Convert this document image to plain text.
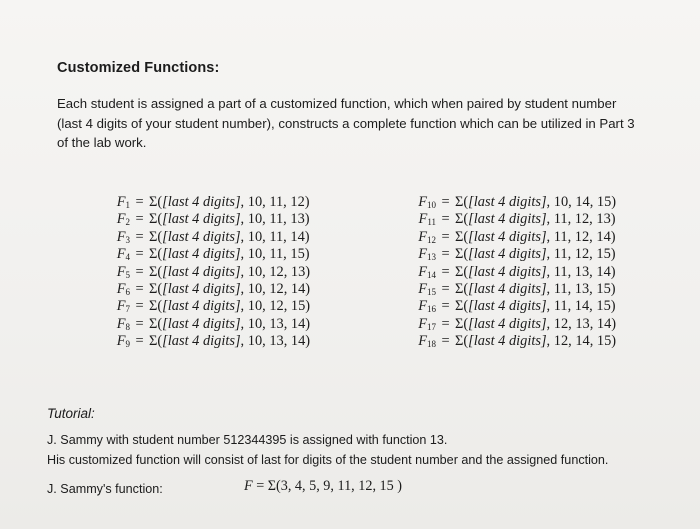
Customized Functions:
Each student is assigned a part of a customized function, which when paired by student number
(last 4 digits of your student number), constructs a complete function which can be utilized in Part 3
of the lab work.
$F_1 = \Sigma$( [last 4 digits] , 10, 11, 12)
$F_2 = \Sigma$( [last 4 digits] , 10, 11, 13)
$F_3 = \Sigma$( [last 4 digits] , 10, 11, 14)
$F_4 = \Sigma$( [last 4 digits] , 10, 11, 15)
$F_5 = \Sigma$( [last 4 digits] , 10, 12, 13)
$F_6 = \Sigma$( [last 4 digits] , 10, 12, 14)
$F_7 = \Sigma$( [last 4 digits] , 10, 12, 15)
$F_8 = \Sigma$( [last 4 digits] , 10, 13, 14)
$F_9 = \Sigma$( [last 4 digits] , 10, 13, 14)
$F_{10} = \Sigma$( [last 4 digits] , 10, 14, 15)
$F_{11} = \Sigma$( [last 4 digits] , 11, 12, 13)
$F_{12} = \Sigma$( [last 4 digits] , 11, 12, 14)
$F_{13} = \Sigma$( [last 4 digits] , 11, 12, 15)
$F_{14} = \Sigma$( [last 4 digits] , 11, 13, 14)
$F_{15} = \Sigma$( [last 4 digits] , 11, 13, 15)
$F_{16} = \Sigma$( [last 4 digits] , 11, 14, 15)
$F_{17} = \Sigma$( [last 4 digits] , 12, 13, 14)
$F_{18} = \Sigma$( [last 4 digits] , 12, 14, 15)
Tutorial:
J. Sammy with student number 512344395 is assigned with function 13.
His customized function will consist of last for digits of the student number and the assigned function.
J. Sammy's function:	F = Σ(3, 4, 5, 9, 11, 12, 15 )
